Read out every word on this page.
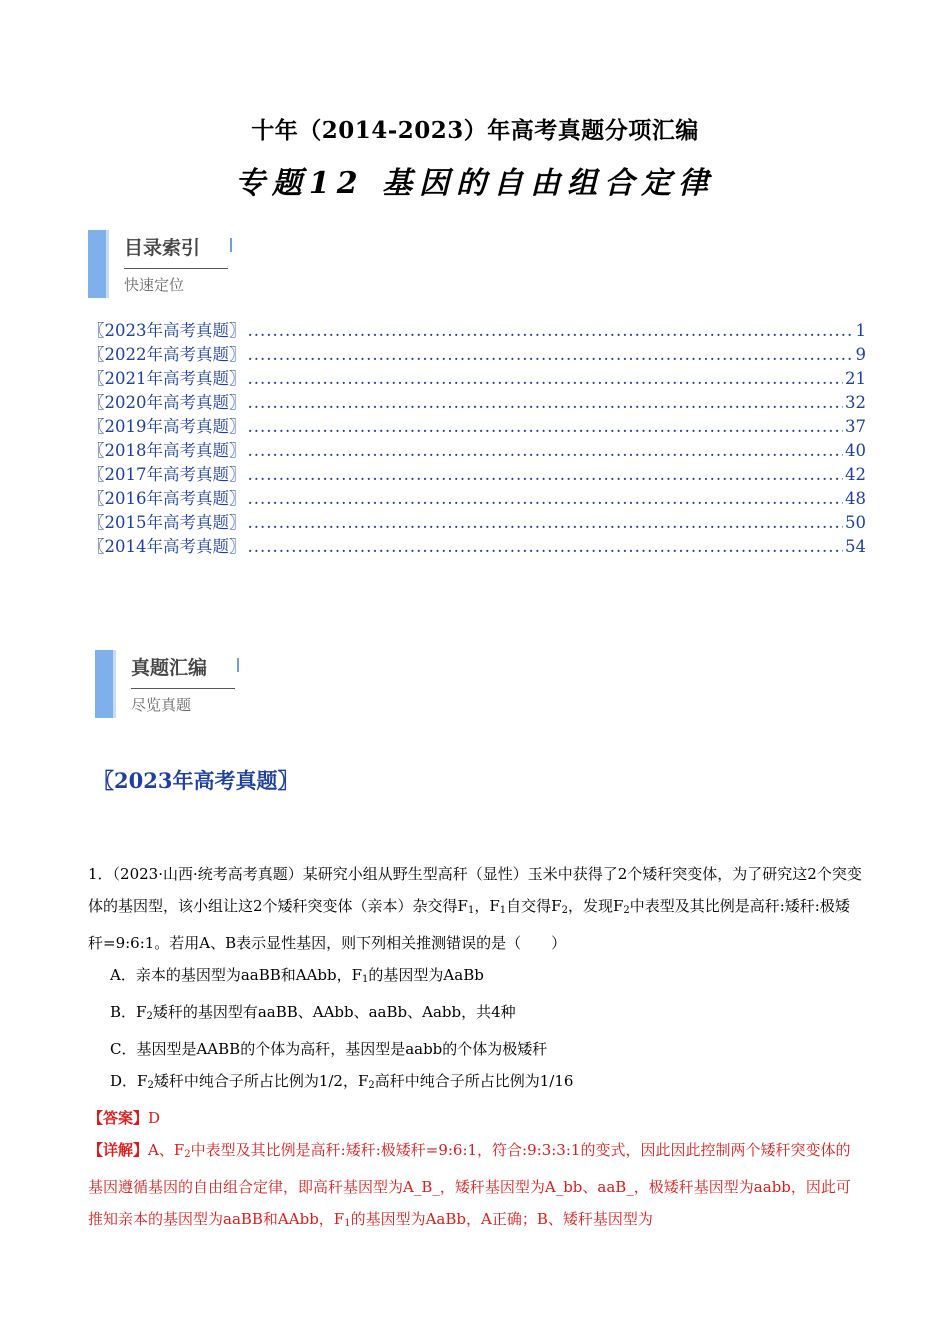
十年（2014-2023）年高考真题分项汇编
专题12 基因的自由组合定律
目录索引
快速定位
〖2023年高考真题〗 .....	1
〖2022年高考真题〗 .....	9
〖2021年高考真题〗 .....	21
〖2020年高考真题〗 .....	32
〖2019年高考真题〗 .....	37
〖2018年高考真题〗 .....	40
〖2017年高考真题〗 .....	42
〖2016年高考真题〗 .....	48
〖2015年高考真题〗 .....	50
〖2014年高考真题〗 .....	54
真题汇编
尽览真题
〖2023年高考真题〗

1．（2023·山西·统考高考真题）某研究小组从野生型高秆（显性）玉米中获得了2个矮秆突变体，为了研究这2个突变体的基因型，该小组让这2个矮秆突变体（亲本）杂交得$F_1$，$F_1$自交得$F_2$，发现$F_2$中表型及其比例是高秆:矮秆:极矮秆=9:6:1。若用A、B表示显性基因，则下列相关推测错误的是（　　）

A．亲本的基因型为aaBB和AAbb，$F_1$的基因型为AaBb

B．$F_2$矮秆的基因型有aaBB、AAbb、aaBb、Aabb，共4种

C．基因型是AABB的个体为高秆，基因型是aabb的个体为极矮秆

D．$F_2$矮秆中纯合子所占比例为1/2，$F_2$高秆中纯合子所占比例为1/16

【答案】D

【详解】A、$F_2$中表型及其比例是高秆:矮秆:极矮秆=9:6:1，符合:9:3:3:1的变式，因此因此控制两个矮秆突变体的基因遵循基因的自由组合定律，即高秆基因型为A_B_，矮秆基因型为A_bb、aaB_，极矮秆基因型为aabb，因此可推知亲本的基因型为aaBB和AAbb，$F_1$的基因型为AaBb，A正确；B、矮秆基因型为
